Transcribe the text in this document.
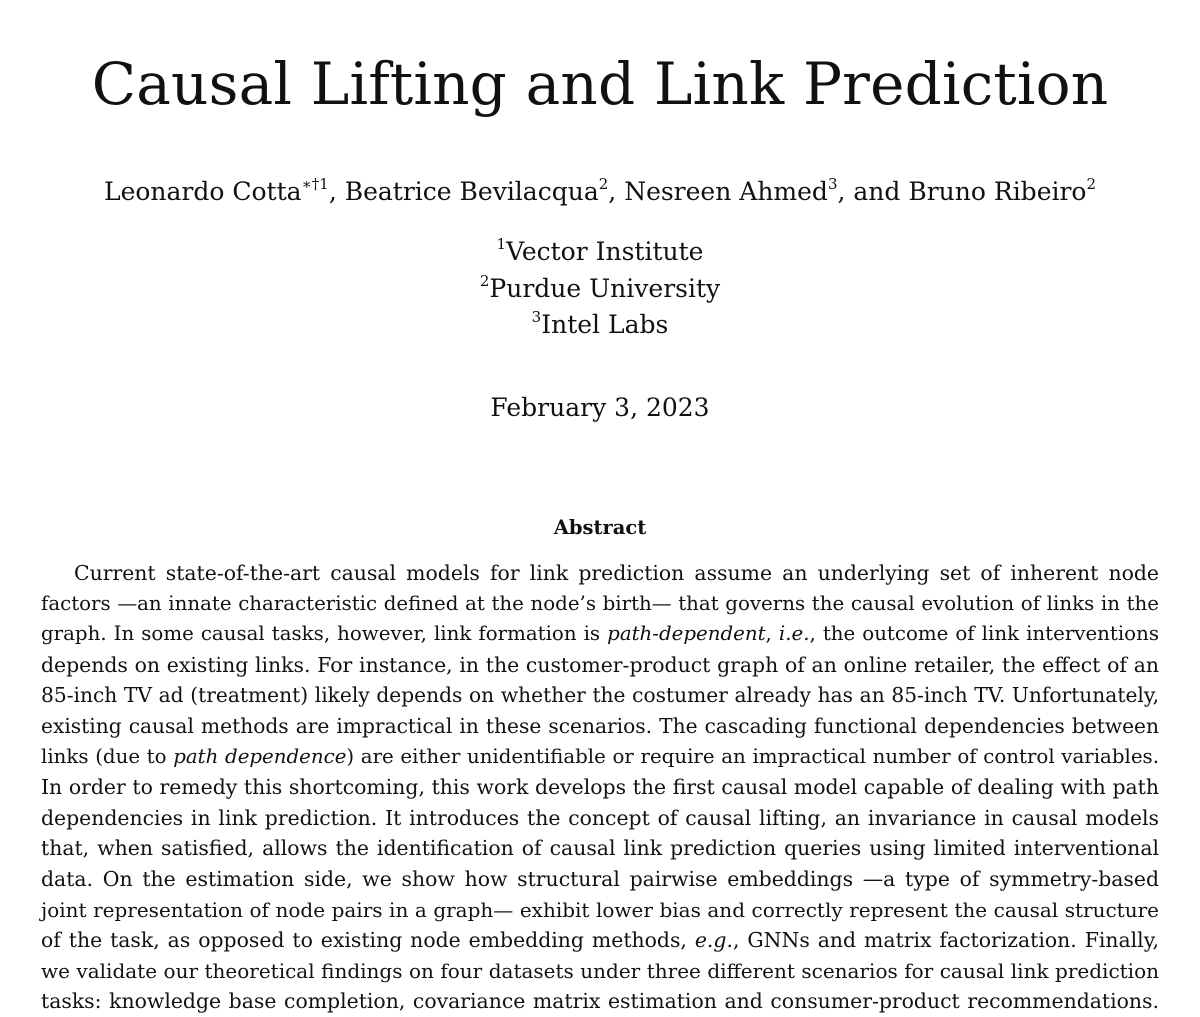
Causal Lifting and Link Prediction
Leonardo Cotta$^{∗\dagger 1}$, Beatrice Bevilacqua$^2$, Nesreen Ahmed$^3$, and Bruno Ribeiro$^2$
$^1$Vector Institute
$^2$Purdue University
$^3$Intel Labs
February 3, 2023
Abstract
Current state-of-the-art causal models for link prediction assume an underlying set of inherent node
factors —an innate characteristic defined at the node’s birth— that governs the causal evolution of links in the
graph. In some causal tasks, however, link formation is path-dependent, i.e., the outcome of link interventions
depends on existing links. For instance, in the customer-product graph of an online retailer, the effect of an
85-inch TV ad (treatment) likely depends on whether the costumer already has an 85-inch TV. Unfortunately,
existing causal methods are impractical in these scenarios. The cascading functional dependencies between
links (due to path dependence) are either unidentifiable or require an impractical number of control variables.
In order to remedy this shortcoming, this work develops the first causal model capable of dealing with path
dependencies in link prediction. It introduces the concept of causal lifting, an invariance in causal models
that, when satisfied, allows the identification of causal link prediction queries using limited interventional
data. On the estimation side, we show how structural pairwise embeddings —a type of symmetry-based
joint representation of node pairs in a graph— exhibit lower bias and correctly represent the causal structure
of the task, as opposed to existing node embedding methods, e.g., GNNs and matrix factorization. Finally,
we validate our theoretical findings on four datasets under three different scenarios for causal link prediction
tasks: knowledge base completion, covariance matrix estimation and consumer-product recommendations.
